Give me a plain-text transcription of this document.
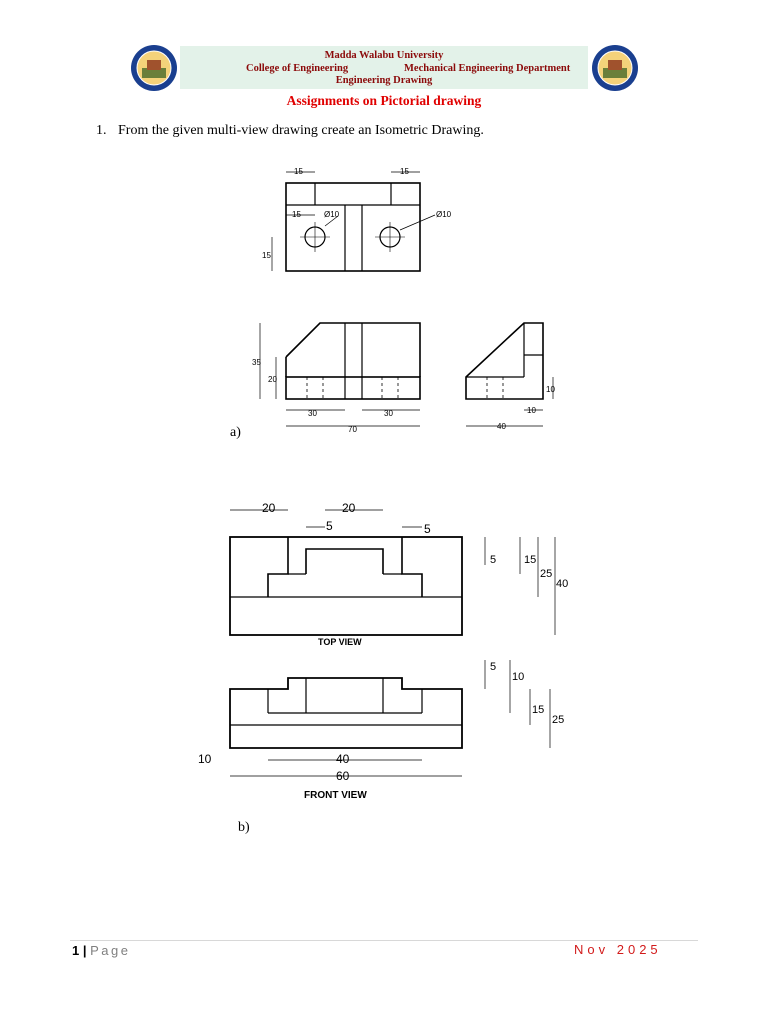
Madda Walabu University
College of Engineering	Mechanical Engineering Department
Engineering Drawing
Assignments on Pictorial drawing
1. From the given multi-view drawing create an Isometric Drawing.
15	15
15	Ø10	Ø10
15
35
20
30	30
70
10
10
40
a)
20	20
5	5
5	15
25
40
TOP VIEW
5
10
15
25
10	40
60
FRONT VIEW
b)
1 | Page	Nov 2025
